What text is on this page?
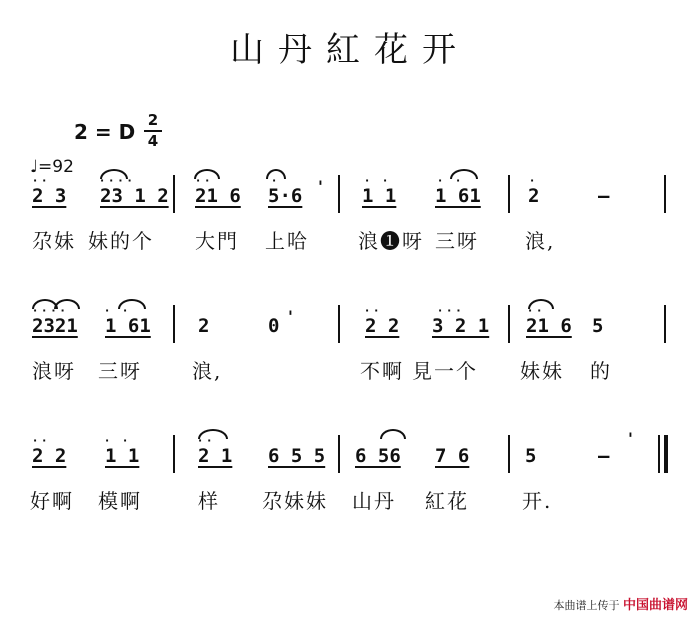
山丹紅花开
2 = D 2
4
♩=92
··	····	··	·	· ·	· ·	·
2 3 23 1 2 21 6 5·6	1 1 1 61 2	–
'
尕妹 妹的个 大門 上哈 浪❶呀 三呀 浪,
····	· ·	··	···	··
2321 1 61 2	0	2 2 3 2 1 21 6 5
'
浪呀 三呀	浪,	不啊 見一个 妹妹 的
··	· ·	··
2 2 1 1	2 1 6 5 5 6 56 7 6	5	–
'
好啊 模啊	样 尕妹妹 山丹 紅花	开.
本曲谱上传于 中国曲谱网
